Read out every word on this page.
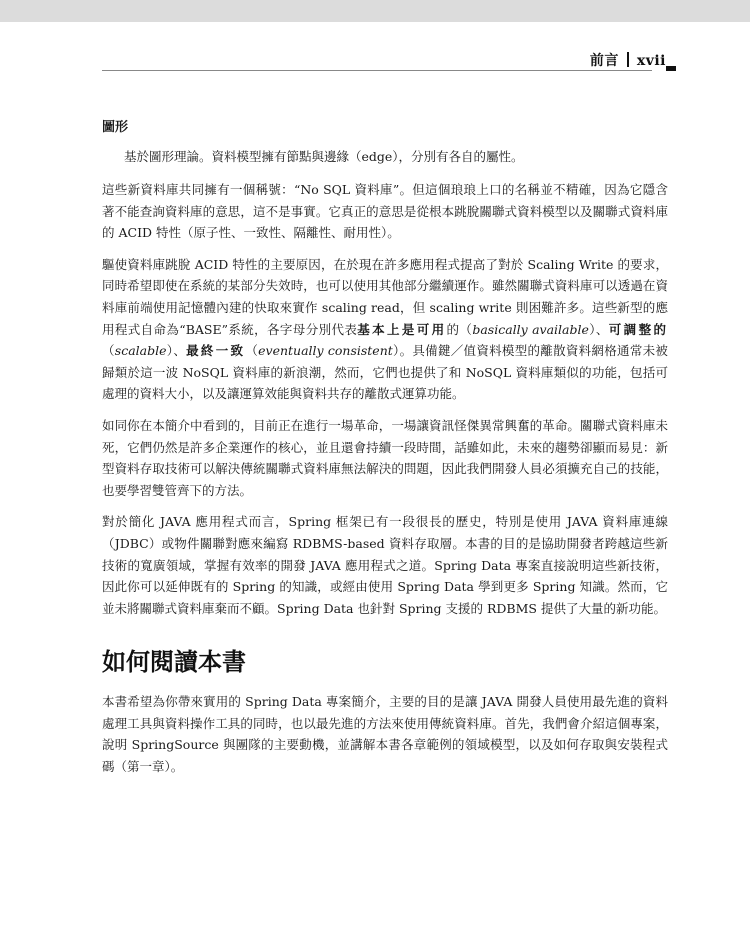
前言 xvii

圖形

基於圖形理論。資料模型擁有節點與邊緣（edge），分別有各自的屬性。

這些新資料庫共同擁有一個稱號：“No SQL 資料庫”。但這個琅琅上口的名稱並不精確，因為它隱含著不能查詢資料庫的意思，這不是事實。它真正的意思是從根本跳脫關聯式資料模型以及關聯式資料庫的 ACID 特性（原子性、一致性、隔離性、耐用性）。

驅使資料庫跳脫 ACID 特性的主要原因，在於現在許多應用程式提高了對於 Scaling Write 的要求，同時希望即使在系統的某部分失效時，也可以使用其他部分繼續運作。雖然關聯式資料庫可以透過在資料庫前端使用記憶體內建的快取來實作 scaling read，但 scaling write 則困難許多。這些新型的應用程式自命為“BASE”系統，各字母分別代表基本上是可用的（basically available）、可調整的（scalable）、最終一致（eventually consistent）。具備鍵／值資料模型的離散資料網格通常未被歸類於這一波 NoSQL 資料庫的新浪潮，然而，它們也提供了和 NoSQL 資料庫類似的功能，包括可處理的資料大小，以及讓運算效能與資料共存的離散式運算功能。

如同你在本簡介中看到的，目前正在進行一場革命，一場讓資訊怪傑異常興奮的革命。關聯式資料庫未死，它們仍然是許多企業運作的核心，並且還會持續一段時間，話雖如此，未來的趨勢卻顯而易見：新型資料存取技術可以解決傳統關聯式資料庫無法解決的問題，因此我們開發人員必須擴充自己的技能，也要學習雙管齊下的方法。

對於簡化 JAVA 應用程式而言，Spring 框架已有一段很長的歷史，特別是使用 JAVA 資料庫連線（JDBC）或物件關聯對應來編寫 RDBMS-based 資料存取層。本書的目的是協助開發者跨越這些新技術的寬廣領域，掌握有效率的開發 JAVA 應用程式之道。Spring Data 專案直接說明這些新技術，因此你可以延伸既有的 Spring 的知識，或經由使用 Spring Data 學到更多 Spring 知識。然而，它並未將關聯式資料庫棄而不顧。Spring Data 也針對 Spring 支援的 RDBMS 提供了大量的新功能。

如何閱讀本書

本書希望為你帶來實用的 Spring Data 專案簡介，主要的目的是讓 JAVA 開發人員使用最先進的資料處理工具與資料操作工具的同時，也以最先進的方法來使用傳統資料庫。首先，我們會介紹這個專案，說明 SpringSource 與團隊的主要動機，並講解本書各章範例的領域模型，以及如何存取與安裝程式碼（第一章）。
